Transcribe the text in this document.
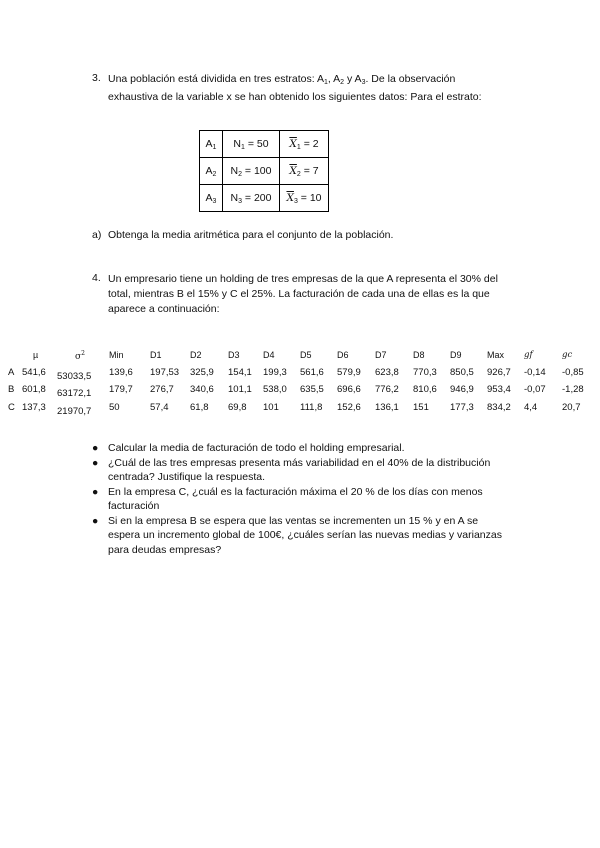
3. Una población está dividida en tres estratos: $A_1$, $A_2$ y $A_3$. De la observación
exhaustiva de la variable x se han obtenido los siguientes datos: Para el estrato:
$A_1$	$N_1 = 50$	$\overline{X}_1 = 2$
$A_2$	$N_2 = 100$	$\overline{X}_2 = 7$
$A_3$	$N_3 = 200$	$\overline{X}_3 = 10$
a) Obtenga la media aritmética para el conjunto de la población.
4. Un empresario tiene un holding de tres empresas de la que A representa el 30% del
total, mientras B el 15% y C el 25%. La facturación de cada una de ellas es la que
aparece a continuación:
µ	$\sigma^2$	Min	D1	D2	D3	D4	D5	D6	D7	D8	D9	Max gf	gc
A 541,6 53033,5 139,6 197,53 325,9 154,1 199,3 561,6 579,9 623,8 770,3 850,5 926,7 -0,14 -0,85
B 601,8 63172,1 179,7 276,7 340,6 101,1 538,0 635,5 696,6 776,2 810,6 946,9 953,4 -0,07 -1,28
C 137,3 21970,7 50	57,4 61,8 69,8 101 111,8 152,6 136,1 151 177,3 834,2 4,4	20,7
● Calcular la media de facturación de todo el holding empresarial.
● ¿Cuál de las tres empresas presenta más variabilidad en el 40% de la distribución
centrada? Justifique la respuesta.
● En la empresa C, ¿cuál es la facturación máxima el 20 % de los días con menos
facturación
● Si en la empresa B se espera que las ventas se incrementen un 15 % y en A se
espera un incremento global de 100€, ¿cuáles serían las nuevas medias y varianzas
para deudas empresas?
